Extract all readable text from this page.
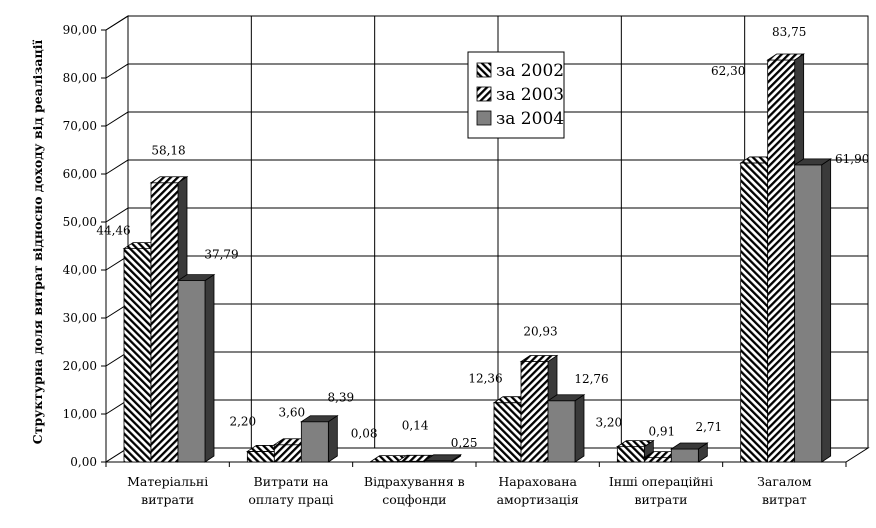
0,00
10,00
20,00
30,00
40,00
50,00
60,00
70,00
80,00
90,00
Структурна доля витрат відносно доходу від реалізації
Матеріальні
витрати
Витрати на
оплату праці
Відрахування в
соцфонди
Нарахована
амортизація
Інші операційні
витрати
Загалом
витрат
44,46
58,18
37,79
2,20
3,60
8,39
0,08
0,14
0,25
12,36
20,93
12,76
3,20
0,91 2,71
62,30
83,75
61,90
за 2002
за 2003
за 2004
